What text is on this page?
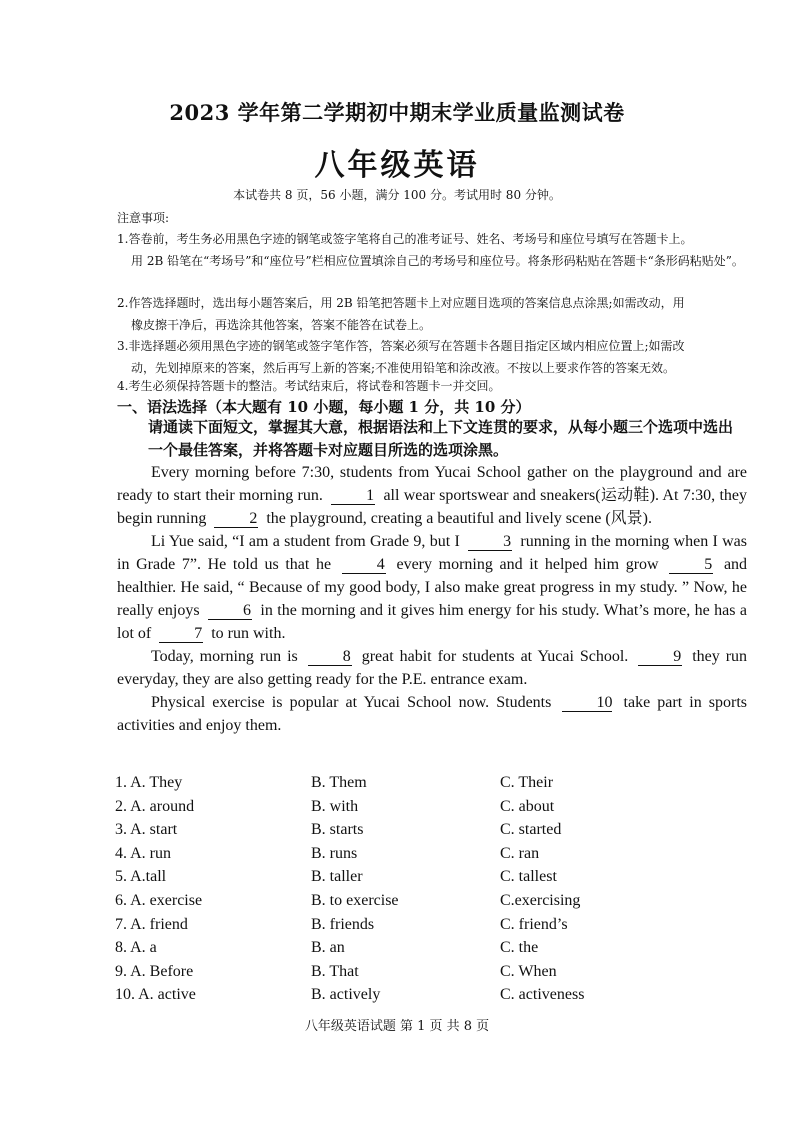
2023 学年第二学期初中期末学业质量监测试卷
八年级英语
本试卷共 8 页，56 小题，满分 100 分。考试用时 80 分钟。
注意事项:
1.答卷前，考生务必用黑色字迹的钢笔或签字笔将自己的准考证号、姓名、考场号和座位号填写在答题卡上。
用 2B 铅笔在“考场号”和“座位号”栏相应位置填涂自己的考场号和座位号。将条形码粘贴在答题卡“条形码粘贴处”。
2.作答选择题时，选出每小题答案后，用 2B 铅笔把答题卡上对应题目选项的答案信息点涂黑;如需改动，用
橡皮擦干净后，再选涂其他答案，答案不能答在试卷上。
3.非选择题必须用黑色字迹的钢笔或签字笔作答，答案必须写在答题卡各题目指定区域内相应位置上;如需改
动，先划掉原来的答案，然后再写上新的答案;不准使用铅笔和涂改液。不按以上要求作答的答案无效。
4.考生必须保持答题卡的整洁。考试结束后，将试卷和答题卡一并交回。
一、语法选择（本大题有 10 小题，每小题 1 分，共 10 分）
请通读下面短文，掌握其大意，根据语法和上下文连贯的要求，从每小题三个选项中选出一个最佳答案，并将答题卡对应题目所选的选项涂黑。

Every morning before 7:30, students from Yucai School gather on the playground and are ready to start their morning run.	1 all wear sportswear and sneakers(运动鞋). At 7:30, they begin running	2 the playground, creating a beautiful and lively scene (风景).

Li Yue said, “I am a student from Grade 9, but I	3 running in the morning when I was in Grade 7”. He told us that he	4 every morning and it helped him grow	5 and healthier. He said, “ Because of my good body, I also make great progress in my study. ” Now, he really enjoys	6 in the morning and it gives him energy for his study. What’s more, he has a lot of	7 to run with.

Today, morning run is	8 great habit for students at Yucai School.	9 they run everyday, they are also getting ready for the P.E. entrance exam.

Physical exercise is popular at Yucai School now. Students	10 take part in sports activities and enjoy them.

1. A. They	B. Them	C. Their
2. A. around	B. with	C. about
3. A. start	B. starts	C. started
4. A. run	B. runs	C. ran
5. A.tall	B. taller	C. tallest
6. A. exercise	B. to exercise	C.exercising
7. A. friend	B. friends	C. friend’s
8. A. a	B. an	C. the
9. A. Before	B. That	C. When
10. A. active	B. actively	C. activeness
八年级英语试题 第 1 页 共 8 页
